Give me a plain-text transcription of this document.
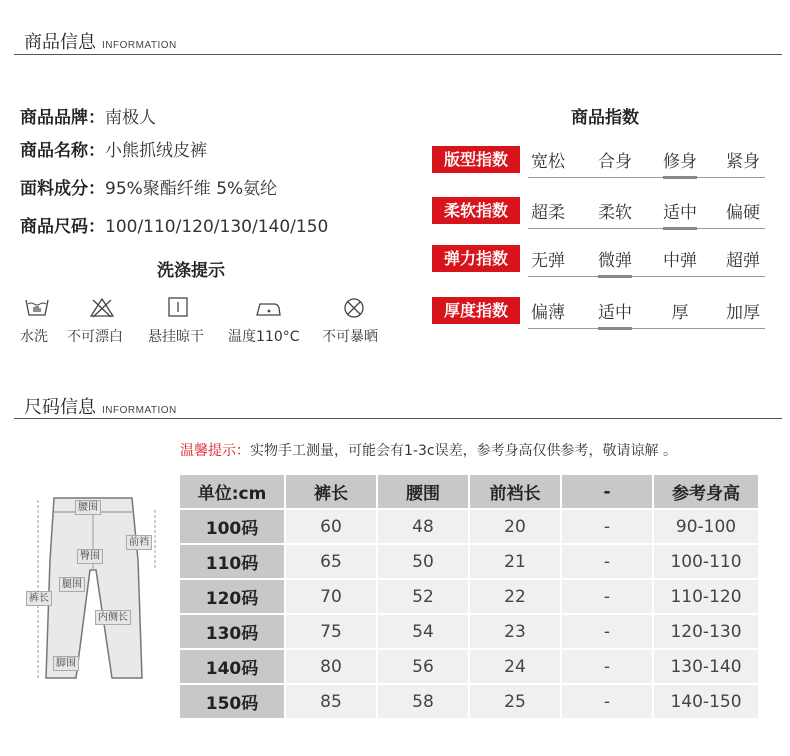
商品信息 INFORMATION
商品品牌：南极人
商品名称：小熊抓绒皮裤
面料成分：95%聚酯纤维 5%氨纶
商品尺码：100/110/120/130/140/150
洗涤提示
水洗 不可漂白 悬挂晾干 温度110°C 不可暴晒
商品指数
版型指数	宽松	合身	修身	紧身
柔软指数	超柔	柔软	适中	偏硬
弹力指数	无弹	微弹	中弹	超弹
厚度指数	偏薄	适中	厚	加厚
尺码信息 INFORMATION
温馨提示：实物手工测量，可能会有1-3c误差，参考身高仅供参考，敬请谅解 。
腰围
前裆
臀围
腿围
裤长
内侧长
脚围
单位:cm	裤长	腰围	前裆长	-	参考身高
100码	60	48	20	-	90-100
110码	65	50	21	-	100-110
120码	70	52	22	-	110-120
130码	75	54	23	-	120-130
140码	80	56	24	-	130-140
150码	85	58	25	-	140-150
